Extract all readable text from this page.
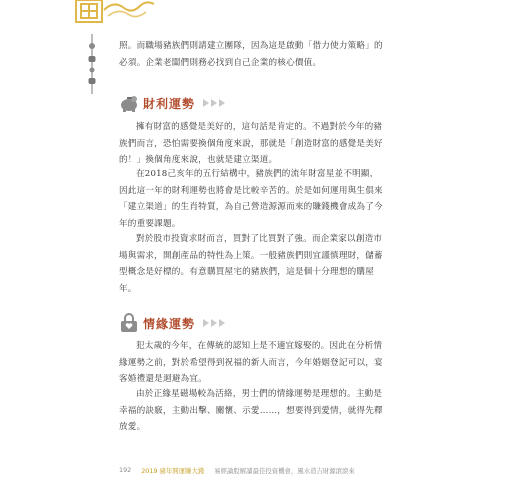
照。而職場豬族們則請建立團隊，因為這是啟動「借力使力策略」的
必須。企業老闆們則務必找到自己企業的核心價值。

財利運勢

擁有財富的感覺是美好的，這句話是肯定的。不過對於今年的豬
族們而言，恐怕需要換個角度來說，那就是「創造財富的感覺是美好
的！」換個角度來說，也就是建立渠道。

在2018己亥年的五行結構中，豬族們的流年財富星並不明顯，
因此這一年的財利運勢也將會是比較辛苦的。於是如何運用與生俱來
「建立渠道」的生肖特質，為自己營造源源而來的賺錢機會成為了今
年的重要課題。

對於股市投資求財而言，買對了比買對了強。而企業家以創造市
場與需求，開創產品的特性為上策。一般豬族們則宜謹慎理財，儲蓄
型概念是好標的。有意購買屋宅的豬族們，這是個十分理想的購屋
年。

情緣運勢

犯太歲的今年，在傳統的認知上是不適宜嫁娶的。因此在分析情
緣運勢之前，對於希望得到祝福的新人而言，今年婚姻登記可以，宴
客婚禮還是迴避為宜。

由於正緣星磁場較為活絡，男士們的情緣運勢是理想的。主動是
幸福的訣竅，主動出擊、關懷、示愛……，想要得到愛情，就得先釋
放愛。

192 2019 豬年開運賺大錢 易經論股解讀最佳投資機會，風水造吉財源滾滾來
